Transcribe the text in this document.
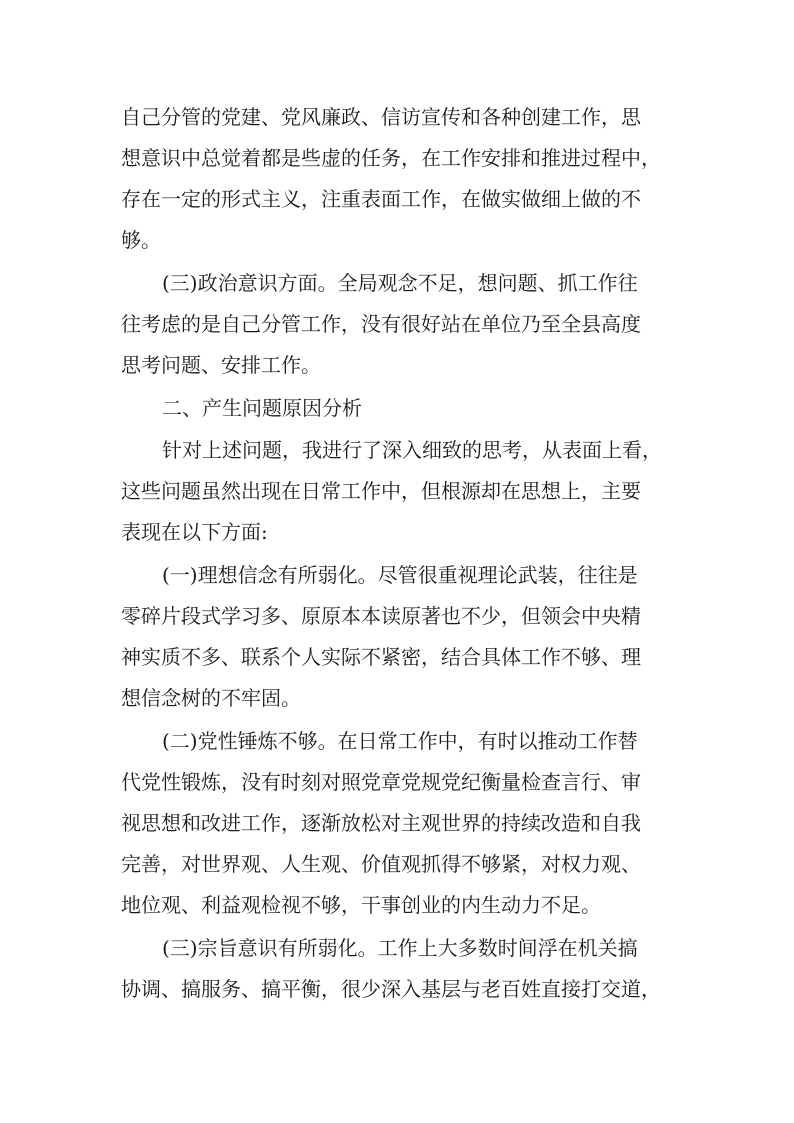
自己分管的党建、党风廉政、信访宣传和各种创建工作，思
想意识中总觉着都是些虚的任务，在工作安排和推进过程中，
存在一定的形式主义，注重表面工作，在做实做细上做的不
够。
(三)政治意识方面。全局观念不足，想问题、抓工作往
往考虑的是自己分管工作，没有很好站在单位乃至全县高度
思考问题、安排工作。
二、产生问题原因分析
针对上述问题，我进行了深入细致的思考，从表面上看，
这些问题虽然出现在日常工作中，但根源却在思想上，主要
表现在以下方面:
(一)理想信念有所弱化。尽管很重视理论武装，往往是
零碎片段式学习多、原原本本读原著也不少，但领会中央精
神实质不多、联系个人实际不紧密，结合具体工作不够、理
想信念树的不牢固。
(二)党性锤炼不够。在日常工作中，有时以推动工作替
代党性锻炼，没有时刻对照党章党规党纪衡量检查言行、审
视思想和改进工作，逐渐放松对主观世界的持续改造和自我
完善，对世界观、人生观、价值观抓得不够紧，对权力观、
地位观、利益观检视不够，干事创业的内生动力不足。
(三)宗旨意识有所弱化。工作上大多数时间浮在机关搞
协调、搞服务、搞平衡，很少深入基层与老百姓直接打交道，
